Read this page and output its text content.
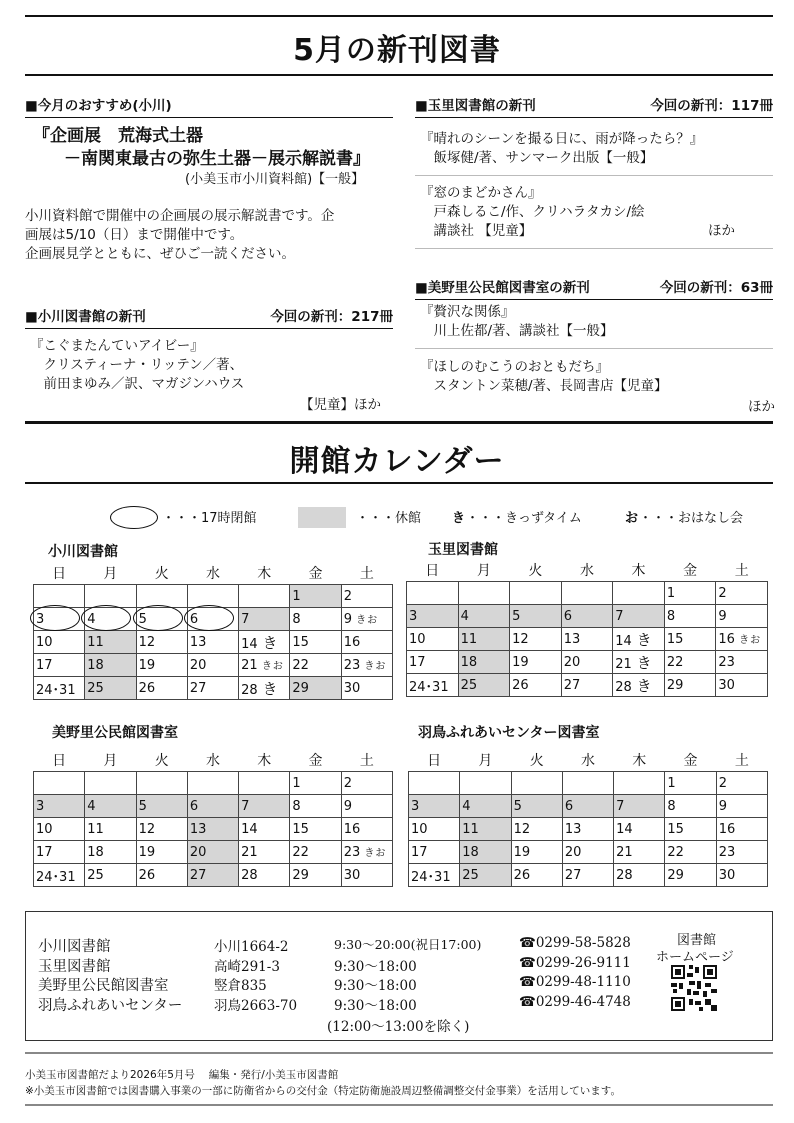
5月の新刊図書
■今月のおすすめ(小川)
『企画展　荒海式土器
－南関東最古の弥生土器－展示解説書』
(小美玉市小川資料館)【一般】
小川資料館で開催中の企画展の展示解説書です。企
画展は5/10（日）まで開催中です。
企画展見学とともに、ぜひご一読ください。
■小川図書館の新刊	今回の新刊：217冊
『こぐまたんていアイビー』
　クリスティーナ・リッテン／著、
　前田まゆみ／訳、マガジンハウス
【児童】ほか
■玉里図書館の新刊	今回の新刊：117冊
『晴れのシーンを撮る日に、雨が降ったら？』
　飯塚健/著、サンマーク出版【一般】
『窓のまどかさん』
　戸森しるこ/作、クリハラタカシ/絵
　講談社 【児童】	ほか
■美野里公民館図書室の新刊	今回の新刊：63冊
『贅沢な関係』
　川上佐都/著、講談社【一般】
『ほしのむこうのおともだち』
　スタントン菜穂/著、長岡書店【児童】
ほか
開館カレンダー
・・・17時閉館	・・・休館 き ・・・きっずタイム	お ・・・おはなし会
小川図書館
日	月	火	水	木	金	土
					1	2
3	4	5	6	7	8	9 きお
10	11	12	13	14 き	15	16
17	18	19	20	21 きお	22	23 きお
24･31	25	26	27	28 き	29	30
玉里図書館
日	月	火	水	木	金	土
					1	2
3	4	5	6	7	8	9
10	11	12	13	14 き	15	16 きお
17	18	19	20	21 き	22	23
24･31	25	26	27	28 き	29	30
美野里公民館図書室
日	月	火	水	木	金	土
					1	2
3	4	5	6	7	8	9
10	11	12	13	14	15	16
17	18	19	20	21	22	23 きお
24･31	25	26	27	28	29	30
羽鳥ふれあいセンター図書室
日	月	火	水	木	金	土
					1	2
3	4	5	6	7	8	9
10	11	12	13	14	15	16
17	18	19	20	21	22	23
24･31	25	26	27	28	29	30
小川図書館	小川1664-2	9:30～20:00(祝日17:00)	☎0299-58-5828
玉里図書館	高崎291-3	9:30～18:00	☎0299-26-9111
美野里公民館図書室	竪倉835	9:30～18:00	☎0299-48-1110
羽鳥ふれあいセンター 羽鳥2663-70	9:30～18:00	☎0299-46-4748
(12:00～13:00を除く)
図書館
ホームページ
小美玉市図書館だより2026年5月号　 編集・発行/小美玉市図書館
※小美玉市図書館では図書購入事業の一部に防衛省からの交付金（特定防衛施設周辺整備調整交付金事業）を活用しています。
